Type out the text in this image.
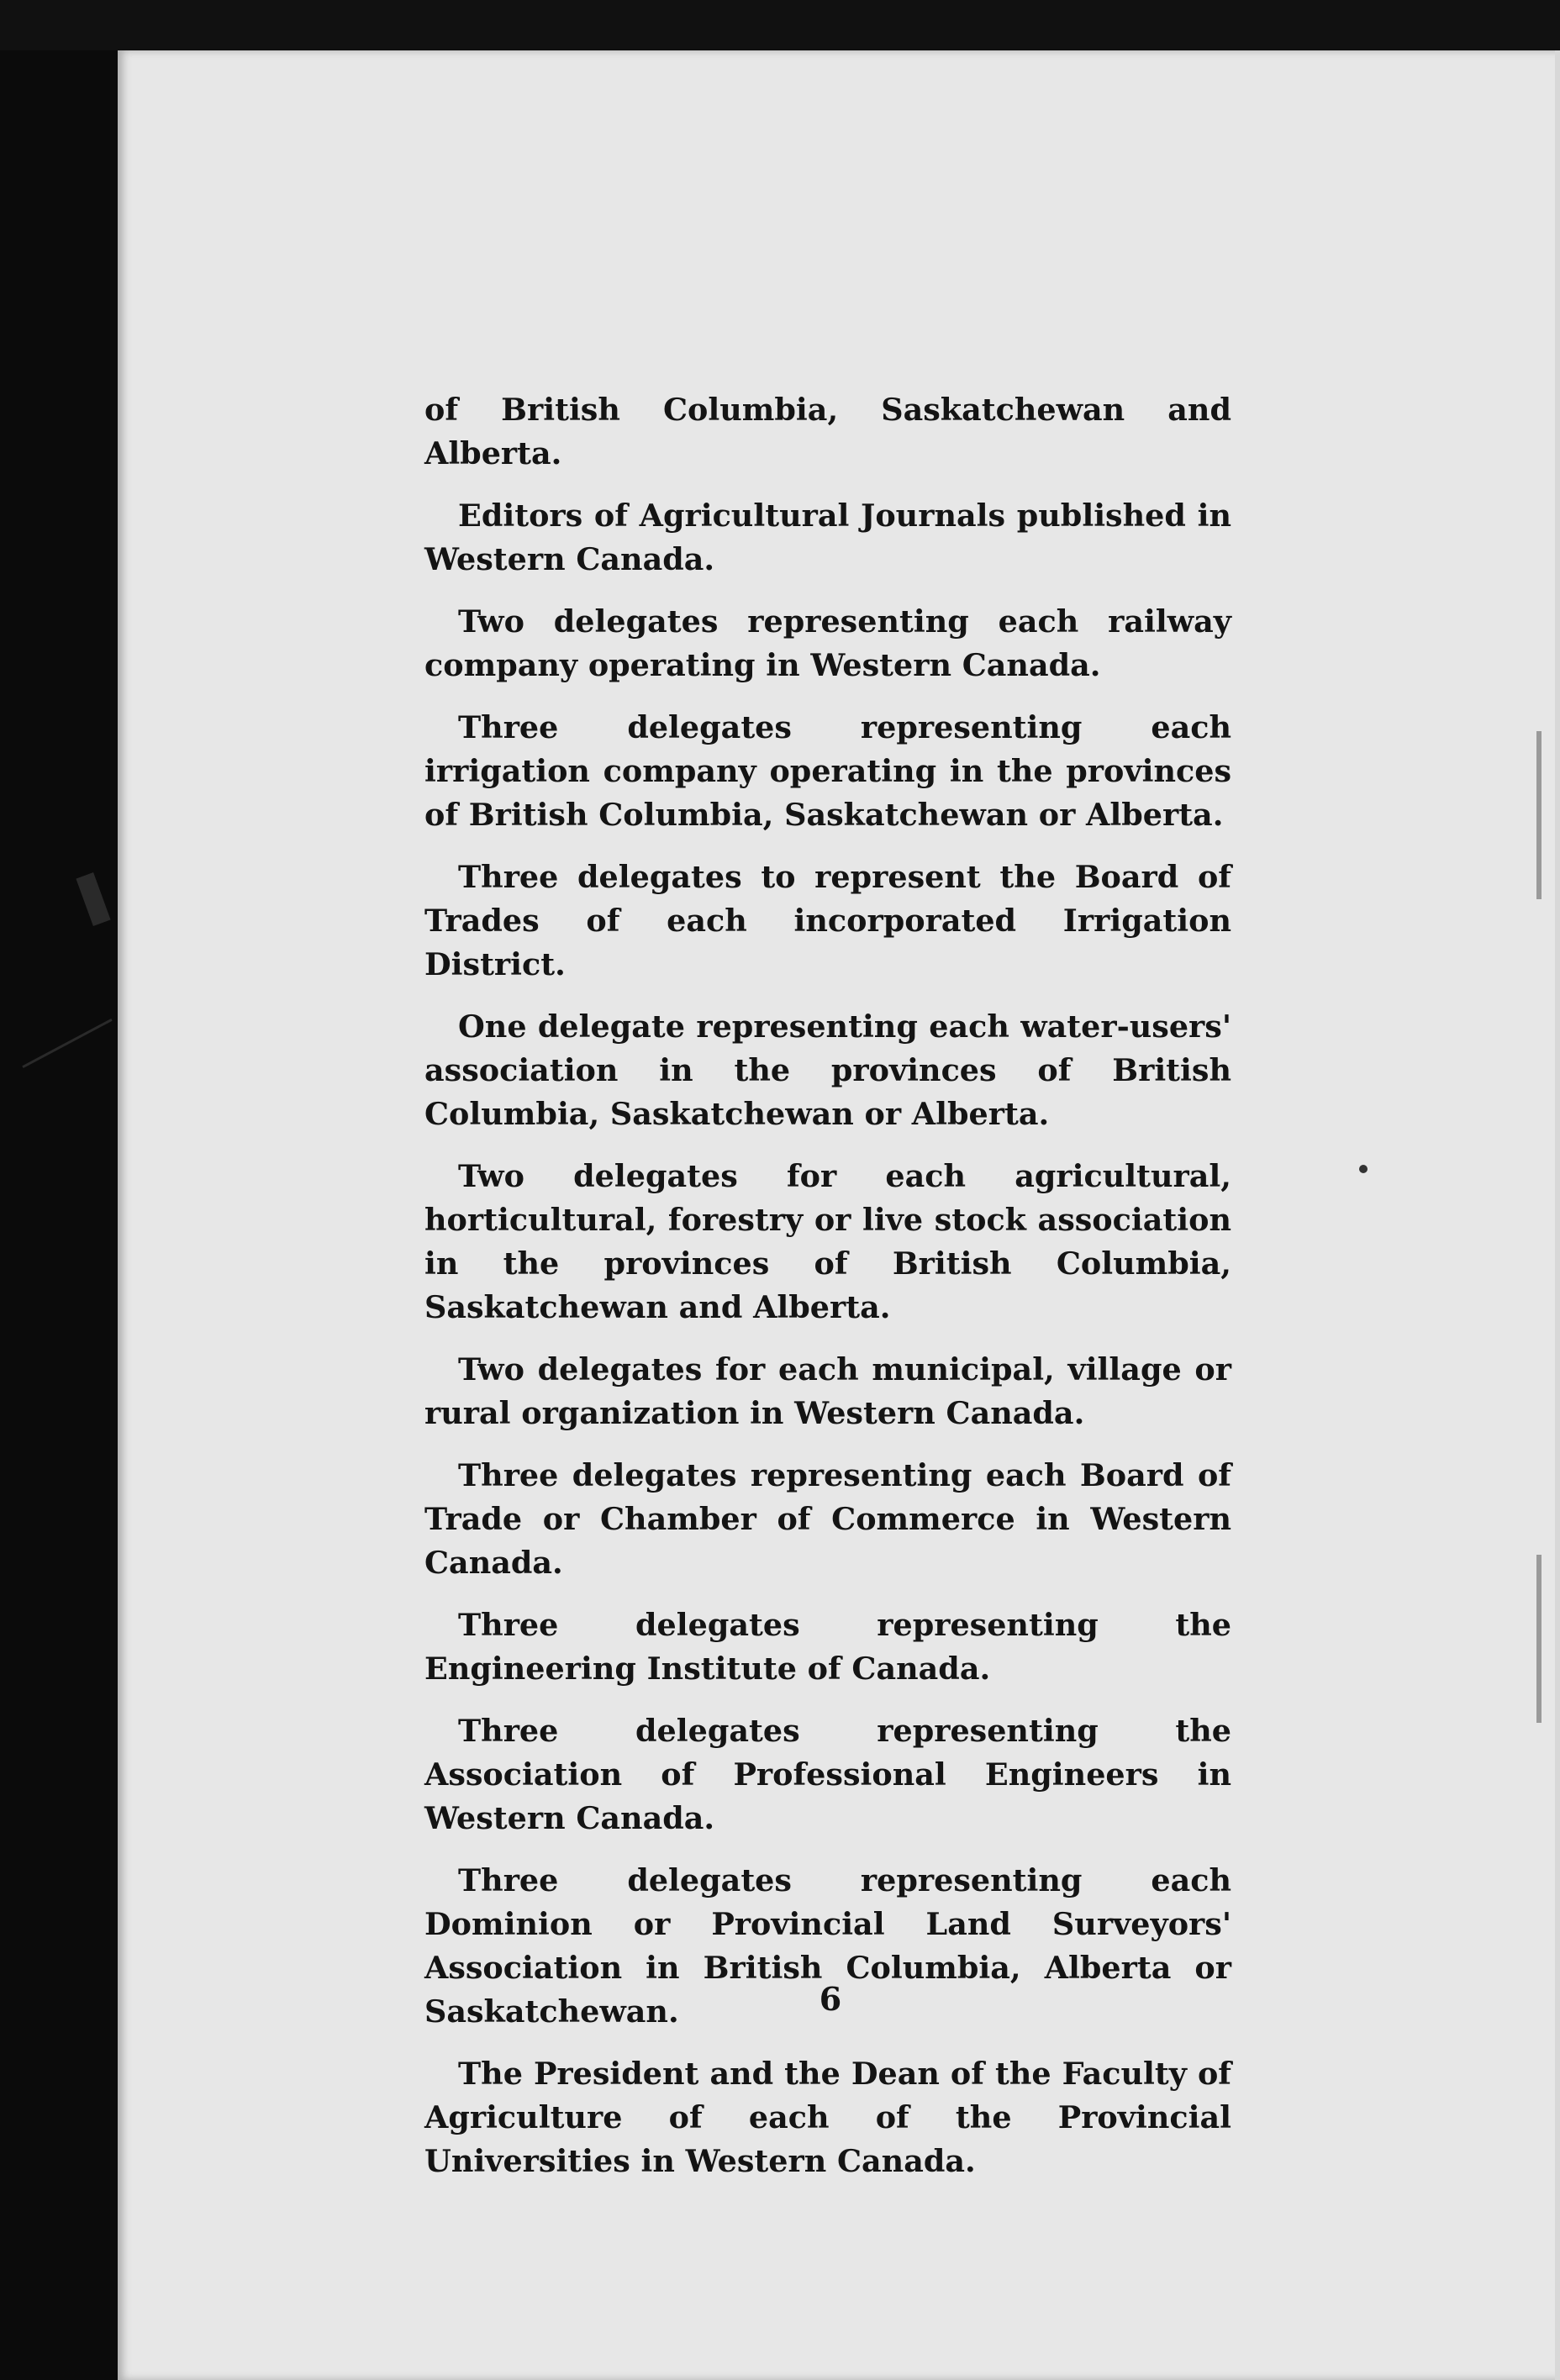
of British Columbia, Saskatchewan and Alberta.

Editors of Agricultural Journals published in Western Canada.

Two delegates representing each railway company operating in Western Canada.

Three delegates representing each irrigation company operating in the provinces of British Columbia, Saskatchewan or Alberta.

Three delegates to represent the Board of Trades of each incorporated Irrigation District.

One delegate representing each water-users' association in the provinces of British Columbia, Saskatchewan or Alberta.

Two delegates for each agricultural, horticultural, forestry or live stock association in the provinces of British Columbia, Saskatchewan and Alberta.

Two delegates for each municipal, village or rural organization in Western Canada.

Three delegates representing each Board of Trade or Chamber of Commerce in Western Canada.

Three delegates representing the Engineering Institute of Canada.

Three delegates representing the Association of Professional Engineers in Western Canada.

Three delegates representing each Dominion or Provincial Land Surveyors' Association in British Columbia, Alberta or Saskatchewan.

The President and the Dean of the Faculty of Agriculture of each of the Provincial Universities in Western Canada.

6
